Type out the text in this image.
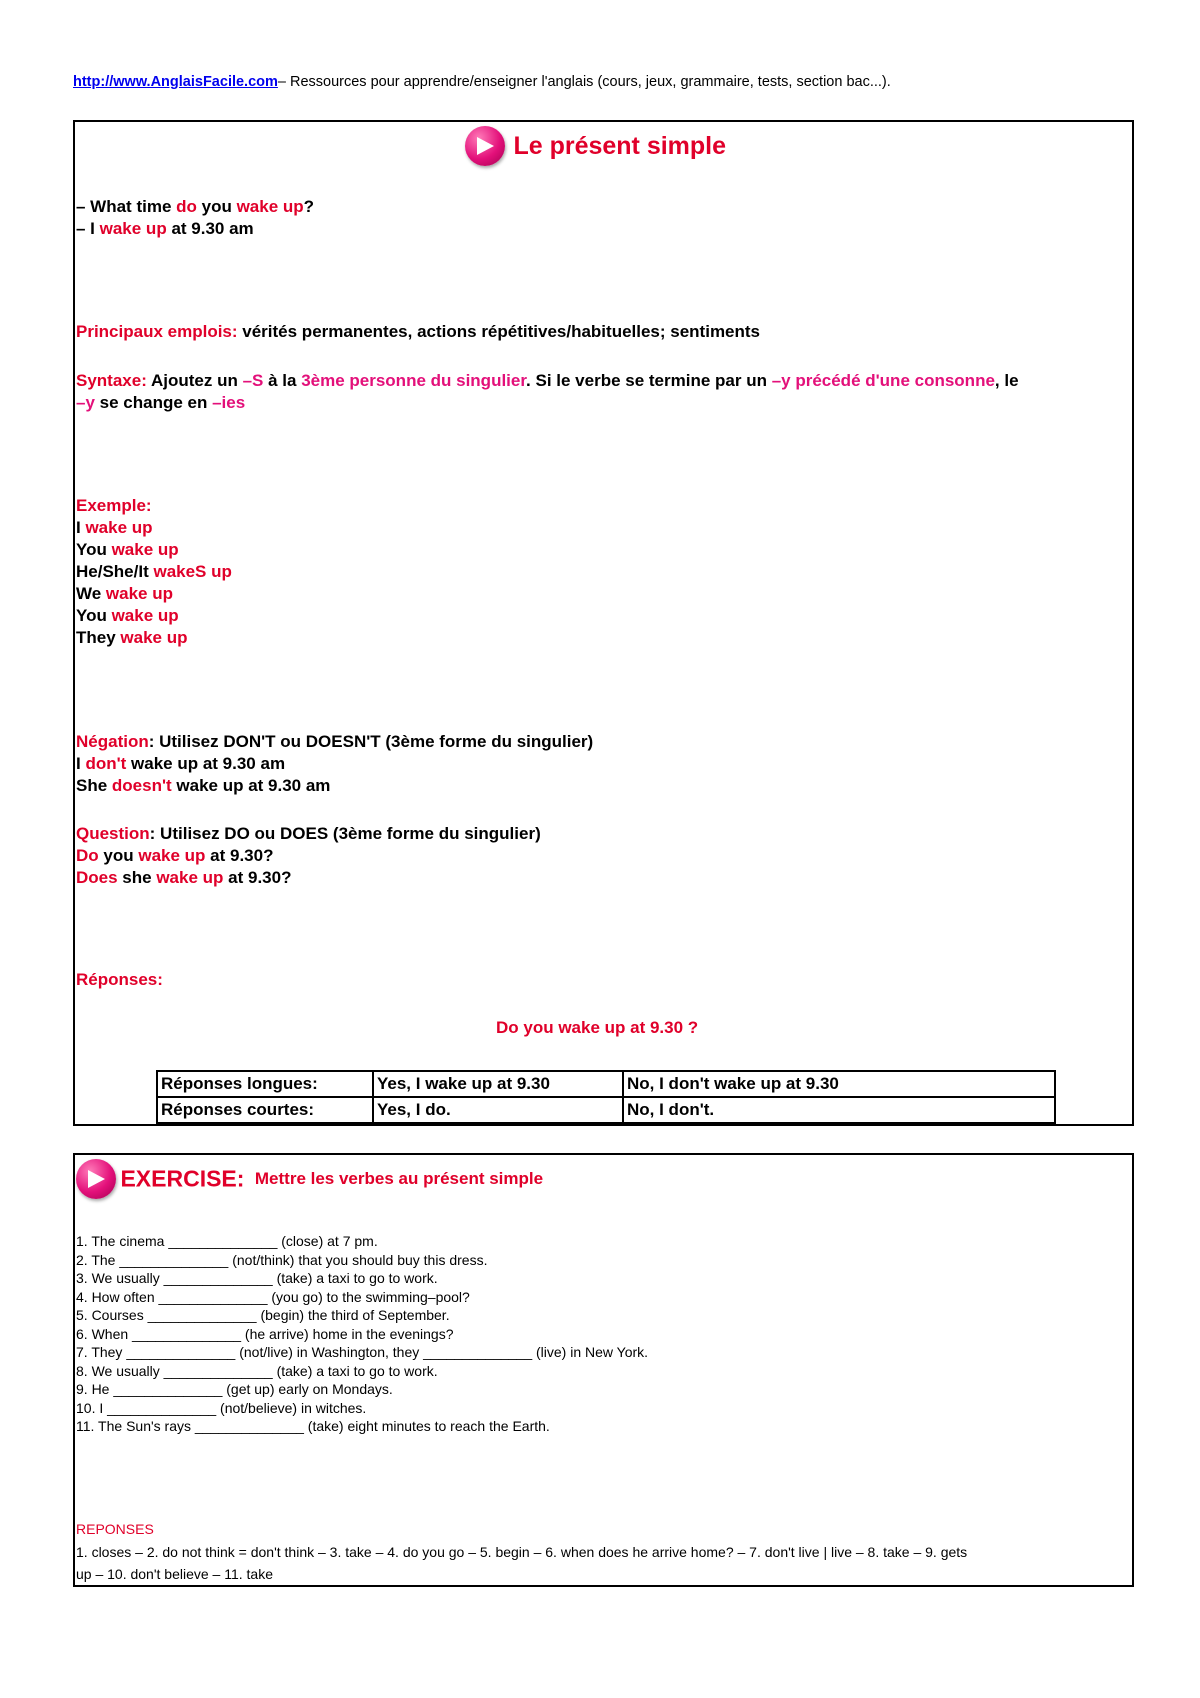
http://www.AnglaisFacile.com– Ressources pour apprendre/enseigner l'anglais (cours, jeux, grammaire, tests, section bac...).
Le présent simple
– What time do you wake up?
– I wake up at 9.30 am
Principaux emplois: vérités permanentes, actions répétitives/habituelles; sentiments
Syntaxe: Ajoutez un –S à la 3ème personne du singulier. Si le verbe se termine par un –y précédé d'une consonne, le
–y se change en –ies
Exemple:
I wake up
You wake up
He/She/It wakeS up
We wake up
You wake up
They wake up
Négation: Utilisez DON'T ou DOESN'T (3ème forme du singulier)
I don't wake up at 9.30 am
She doesn't wake up at 9.30 am
Question: Utilisez DO ou DOES (3ème forme du singulier)
Do you wake up at 9.30?
Does she wake up at 9.30?
Réponses:
Do you wake up at 9.30 ?
Réponses longues:	Yes, I wake up at 9.30	No, I don't wake up at 9.30
Réponses courtes:	Yes, I do.	No, I don't.
EXERCISE: Mettre les verbes au présent simple
1. The cinema ______________ (close) at 7 pm.
2. The ______________ (not/think) that you should buy this dress.
3. We usually ______________ (take) a taxi to go to work.
4. How often ______________ (you go) to the swimming–pool?
5. Courses ______________ (begin) the third of September.
6. When ______________ (he arrive) home in the evenings?
7. They ______________ (not/live) in Washington, they ______________ (live) in New York.
8. We usually ______________ (take) a taxi to go to work.
9. He ______________ (get up) early on Mondays.
10. I ______________ (not/believe) in witches.
11. The Sun's rays ______________ (take) eight minutes to reach the Earth.
REPONSES
1. closes – 2. do not think = don't think – 3. take – 4. do you go – 5. begin – 6. when does he arrive home? – 7. don't live | live – 8. take – 9. gets
up – 10. don't believe – 11. take
